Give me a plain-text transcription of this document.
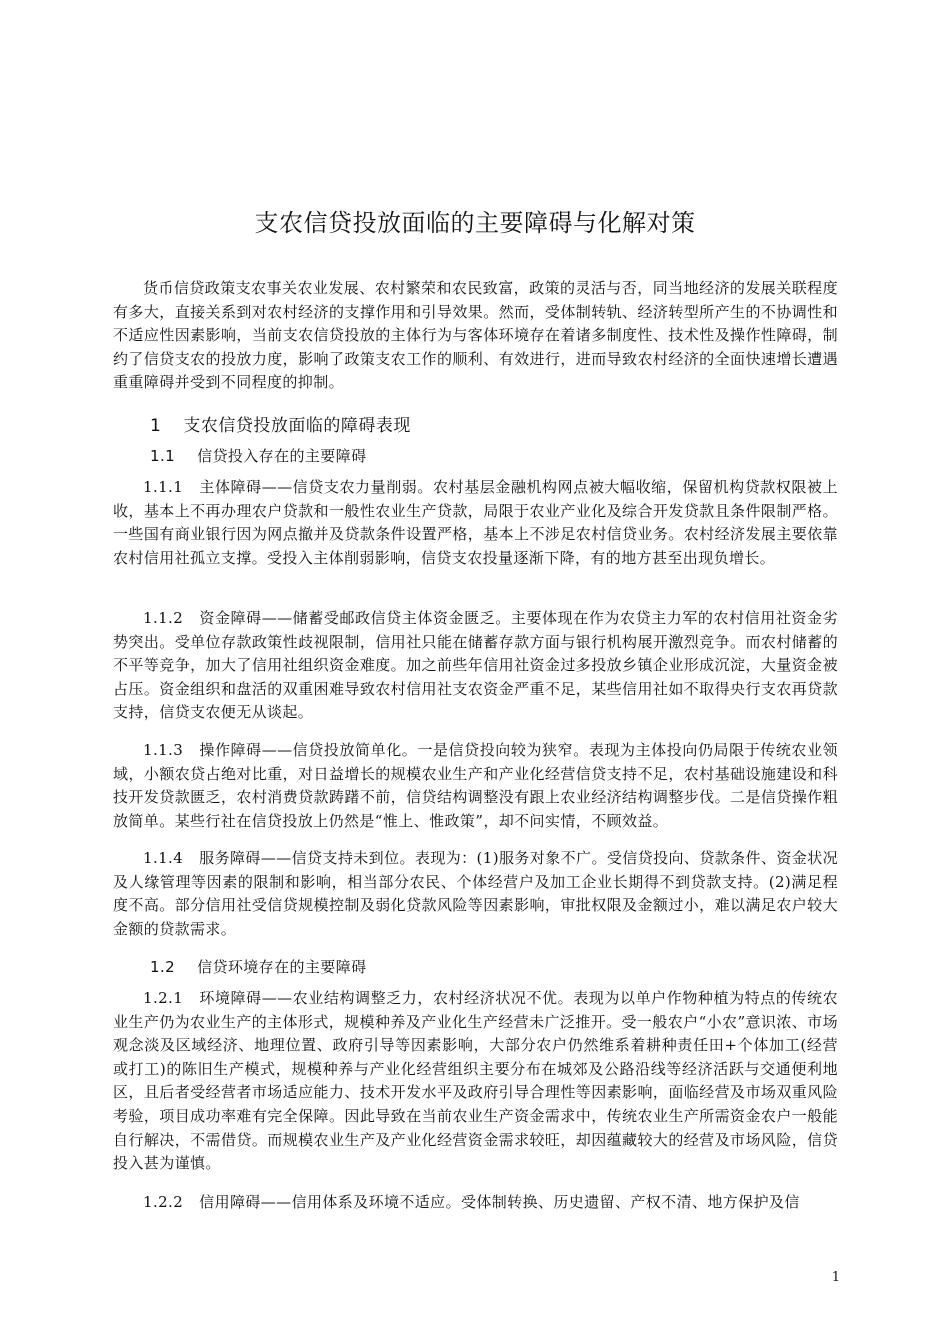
支农信贷投放面临的主要障碍与化解对策

货币信贷政策支农事关农业发展、农村繁荣和农民致富，政策的灵活与否，同当地经济的发展关联程度有多大，直接关系到对农村经济的支撑作用和引导效果。然而，受体制转轨、经济转型所产生的不协调性和不适应性因素影响，当前支农信贷投放的主体行为与客体环境存在着诸多制度性、技术性及操作性障碍，制约了信贷支农的投放力度，影响了政策支农工作的顺利、有效进行，进而导致农村经济的全面快速增长遭遇重重障碍并受到不同程度的抑制。

1 支农信贷投放面临的障碍表现
1.1 信贷投入存在的主要障碍

1.1.1 主体障碍——信贷支农力量削弱。农村基层金融机构网点被大幅收缩，保留机构贷款权限被上收，基本上不再办理农户贷款和一般性农业生产贷款，局限于农业产业化及综合开发贷款且条件限制严格。一些国有商业银行因为网点撤并及贷款条件设置严格，基本上不涉足农村信贷业务。农村经济发展主要依靠农村信用社孤立支撑。受投入主体削弱影响，信贷支农投量逐渐下降，有的地方甚至出现负增长。

1.1.2 资金障碍——储蓄受邮政信贷主体资金匮乏。主要体现在作为农贷主力军的农村信用社资金劣势突出。受单位存款政策性歧视限制，信用社只能在储蓄存款方面与银行机构展开激烈竞争。而农村储蓄的不平等竞争，加大了信用社组织资金难度。加之前些年信用社资金过多投放乡镇企业形成沉淀，大量资金被占压。资金组织和盘活的双重困难导致农村信用社支农资金严重不足，某些信用社如不取得央行支农再贷款支持，信贷支农便无从谈起。

1.1.3 操作障碍——信贷投放简单化。一是信贷投向较为狭窄。表现为主体投向仍局限于传统农业领域，小额农贷占绝对比重，对日益增长的规模农业生产和产业化经营信贷支持不足，农村基础设施建设和科技开发贷款匮乏，农村消费贷款踌躇不前，信贷结构调整没有跟上农业经济结构调整步伐。二是信贷操作粗放简单。某些行社在信贷投放上仍然是“惟上、惟政策”，却不问实情，不顾效益。

1.1.4 服务障碍——信贷支持未到位。表现为：(1)服务对象不广。受信贷投向、贷款条件、资金状况及人缘管理等因素的限制和影响，相当部分农民、个体经营户及加工企业长期得不到贷款支持。(2)满足程度不高。部分信用社受信贷规模控制及弱化贷款风险等因素影响，审批权限及金额过小，难以满足农户较大金额的贷款需求。

1.2 信贷环境存在的主要障碍

1.2.1 环境障碍——农业结构调整乏力，农村经济状况不优。表现为以单户作物种植为特点的传统农业生产仍为农业生产的主体形式，规模种养及产业化生产经营未广泛推开。受一般农户“小农”意识浓、市场观念淡及区域经济、地理位置、政府引导等因素影响，大部分农户仍然维系着耕种责任田+个体加工(经营或打工)的陈旧生产模式，规模种养与产业化经营组织主要分布在城郊及公路沿线等经济活跃与交通便利地区，且后者受经营者市场适应能力、技术开发水平及政府引导合理性等因素影响，面临经营及市场双重风险考验，项目成功率难有完全保障。因此导致在当前农业生产资金需求中，传统农业生产所需资金农户一般能自行解决，不需借贷。而规模农业生产及产业化经营资金需求较旺，却因蕴藏较大的经营及市场风险，信贷投入甚为谨慎。

1.2.2 信用障碍——信用体系及环境不适应。受体制转换、历史遗留、产权不清、地方保护及信

1
